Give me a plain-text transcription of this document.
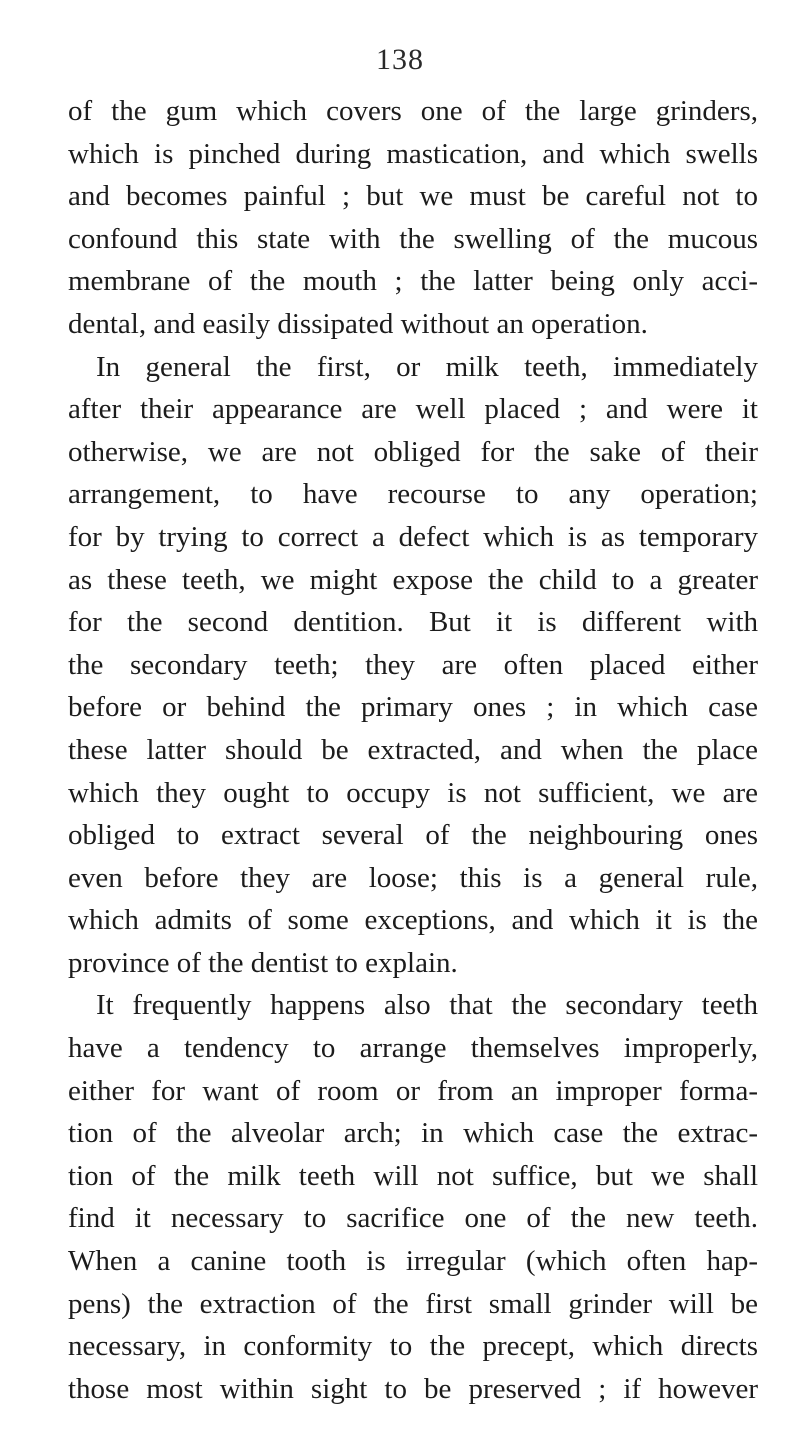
138
of the gum which covers one of the large grinders,
which is pinched during mastication, and which swells
and becomes painful ; but we must be careful not to
confound this state with the swelling of the mucous
membrane of the mouth ; the latter being only acci-
dental, and easily dissipated without an operation.
In general the first, or milk teeth, immediately
after their appearance are well placed ; and were it
otherwise, we are not obliged for the sake of their
arrangement, to have recourse to any operation;
for by trying to correct a defect which is as temporary
as these teeth, we might expose the child to a greater
for the second dentition. But it is different with
the secondary teeth; they are often placed either
before or behind the primary ones ; in which case
these latter should be extracted, and when the place
which they ought to occupy is not sufficient, we are
obliged to extract several of the neighbouring ones
even before they are loose; this is a general rule,
which admits of some exceptions, and which it is the
province of the dentist to explain.
It frequently happens also that the secondary teeth
have a tendency to arrange themselves improperly,
either for want of room or from an improper forma-
tion of the alveolar arch; in which case the extrac-
tion of the milk teeth will not suffice, but we shall
find it necessary to sacrifice one of the new teeth.
When a canine tooth is irregular (which often hap-
pens) the extraction of the first small grinder will be
necessary, in conformity to the precept, which directs
those most within sight to be preserved ; if however
